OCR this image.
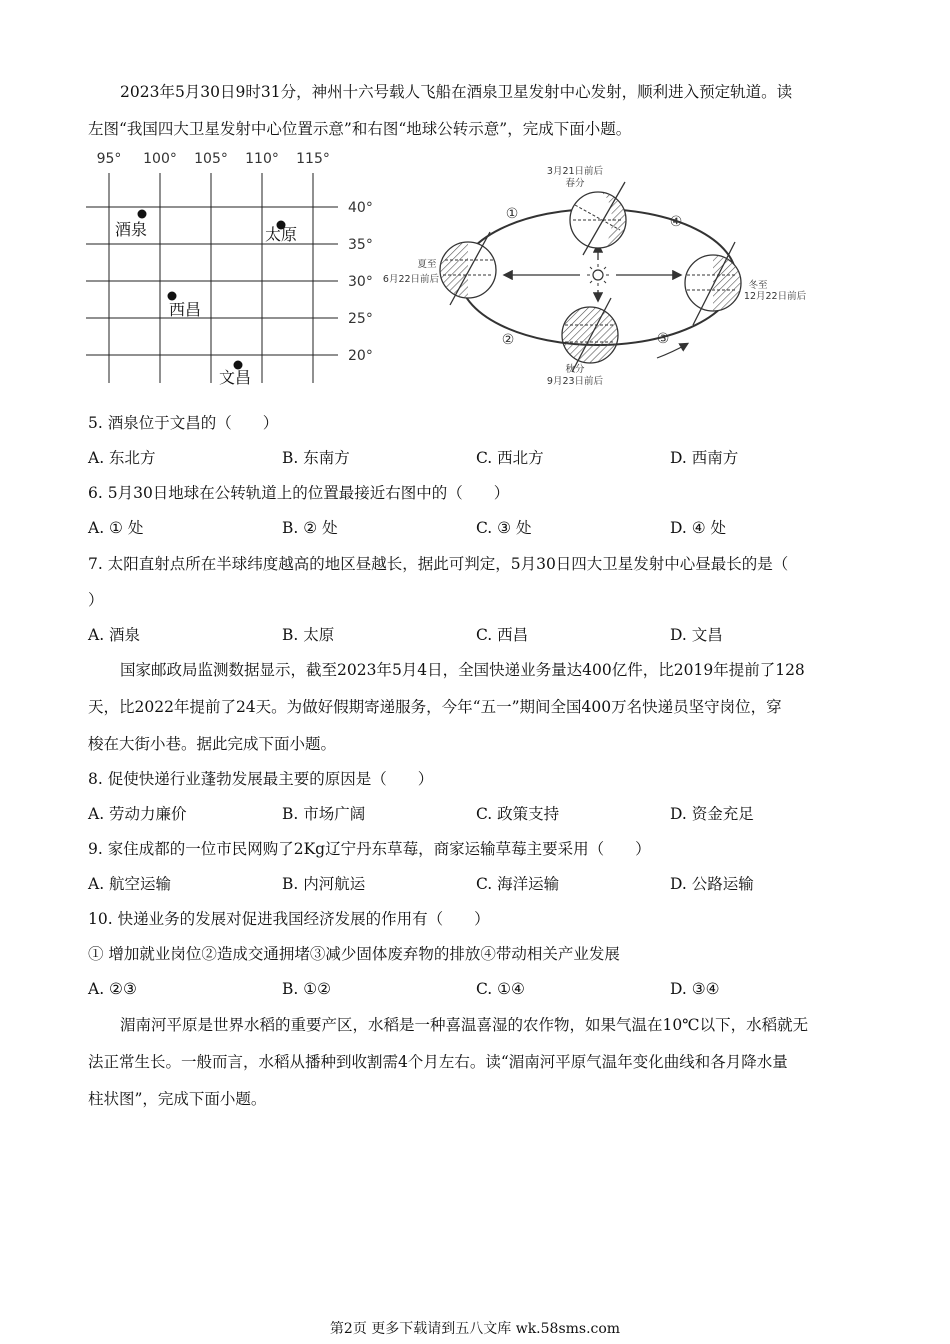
2023年5月30日9时31分，神州十六号载人飞船在酒泉卫星发射中心发射，顺利进入预定轨道。读
左图“我国四大卫星发射中心位置示意”和右图“地球公转示意”，完成下面小题。
95° 100° 105° 110° 115°
40°
35°
30°
25°
20°
酒泉	太原
西昌
文昌
3月21日前后
春分
夏至
6月22日前后
冬至
12月22日前后
秋分
9月23日前后
①
②	③
④
5. 酒泉位于文昌的（　　）
A. 东北方	B. 东南方	C. 西北方	D. 西南方
6. 5月30日地球在公转轨道上的位置最接近右图中的（　　）
A. ① 处	B. ② 处	C. ③ 处	D. ④ 处
7. 太阳直射点所在半球纬度越高的地区昼越长，据此可判定，5月30日四大卫星发射中心昼最长的是（
）
A. 酒泉	B. 太原	C. 西昌	D. 文昌
国家邮政局监测数据显示，截至2023年5月4日，全国快递业务量达400亿件，比2019年提前了128
天，比2022年提前了24天。为做好假期寄递服务，今年“五一”期间全国400万名快递员坚守岗位，穿
梭在大街小巷。据此完成下面小题。
8. 促使快递行业蓬勃发展最主要的原因是（　　）
A. 劳动力廉价	B. 市场广阔	C. 政策支持	D. 资金充足
9. 家住成都的一位市民网购了2Kg辽宁丹东草莓，商家运输草莓主要采用（　　）
A. 航空运输	B. 内河航运	C. 海洋运输	D. 公路运输
10. 快递业务的发展对促进我国经济发展的作用有（　　）
① 增加就业岗位②造成交通拥堵③减少固体废弃物的排放④带动相关产业发展
A. ②③	B. ①②	C. ①④	D. ③④
湄南河平原是世界水稻的重要产区，水稻是一种喜温喜湿的农作物，如果气温在10℃以下，水稻就无
法正常生长。一般而言，水稻从播种到收割需4个月左右。读“湄南河平原气温年变化曲线和各月降水量
柱状图”，完成下面小题。
第2页 更多下载请到五八文库 wk.58sms.com
